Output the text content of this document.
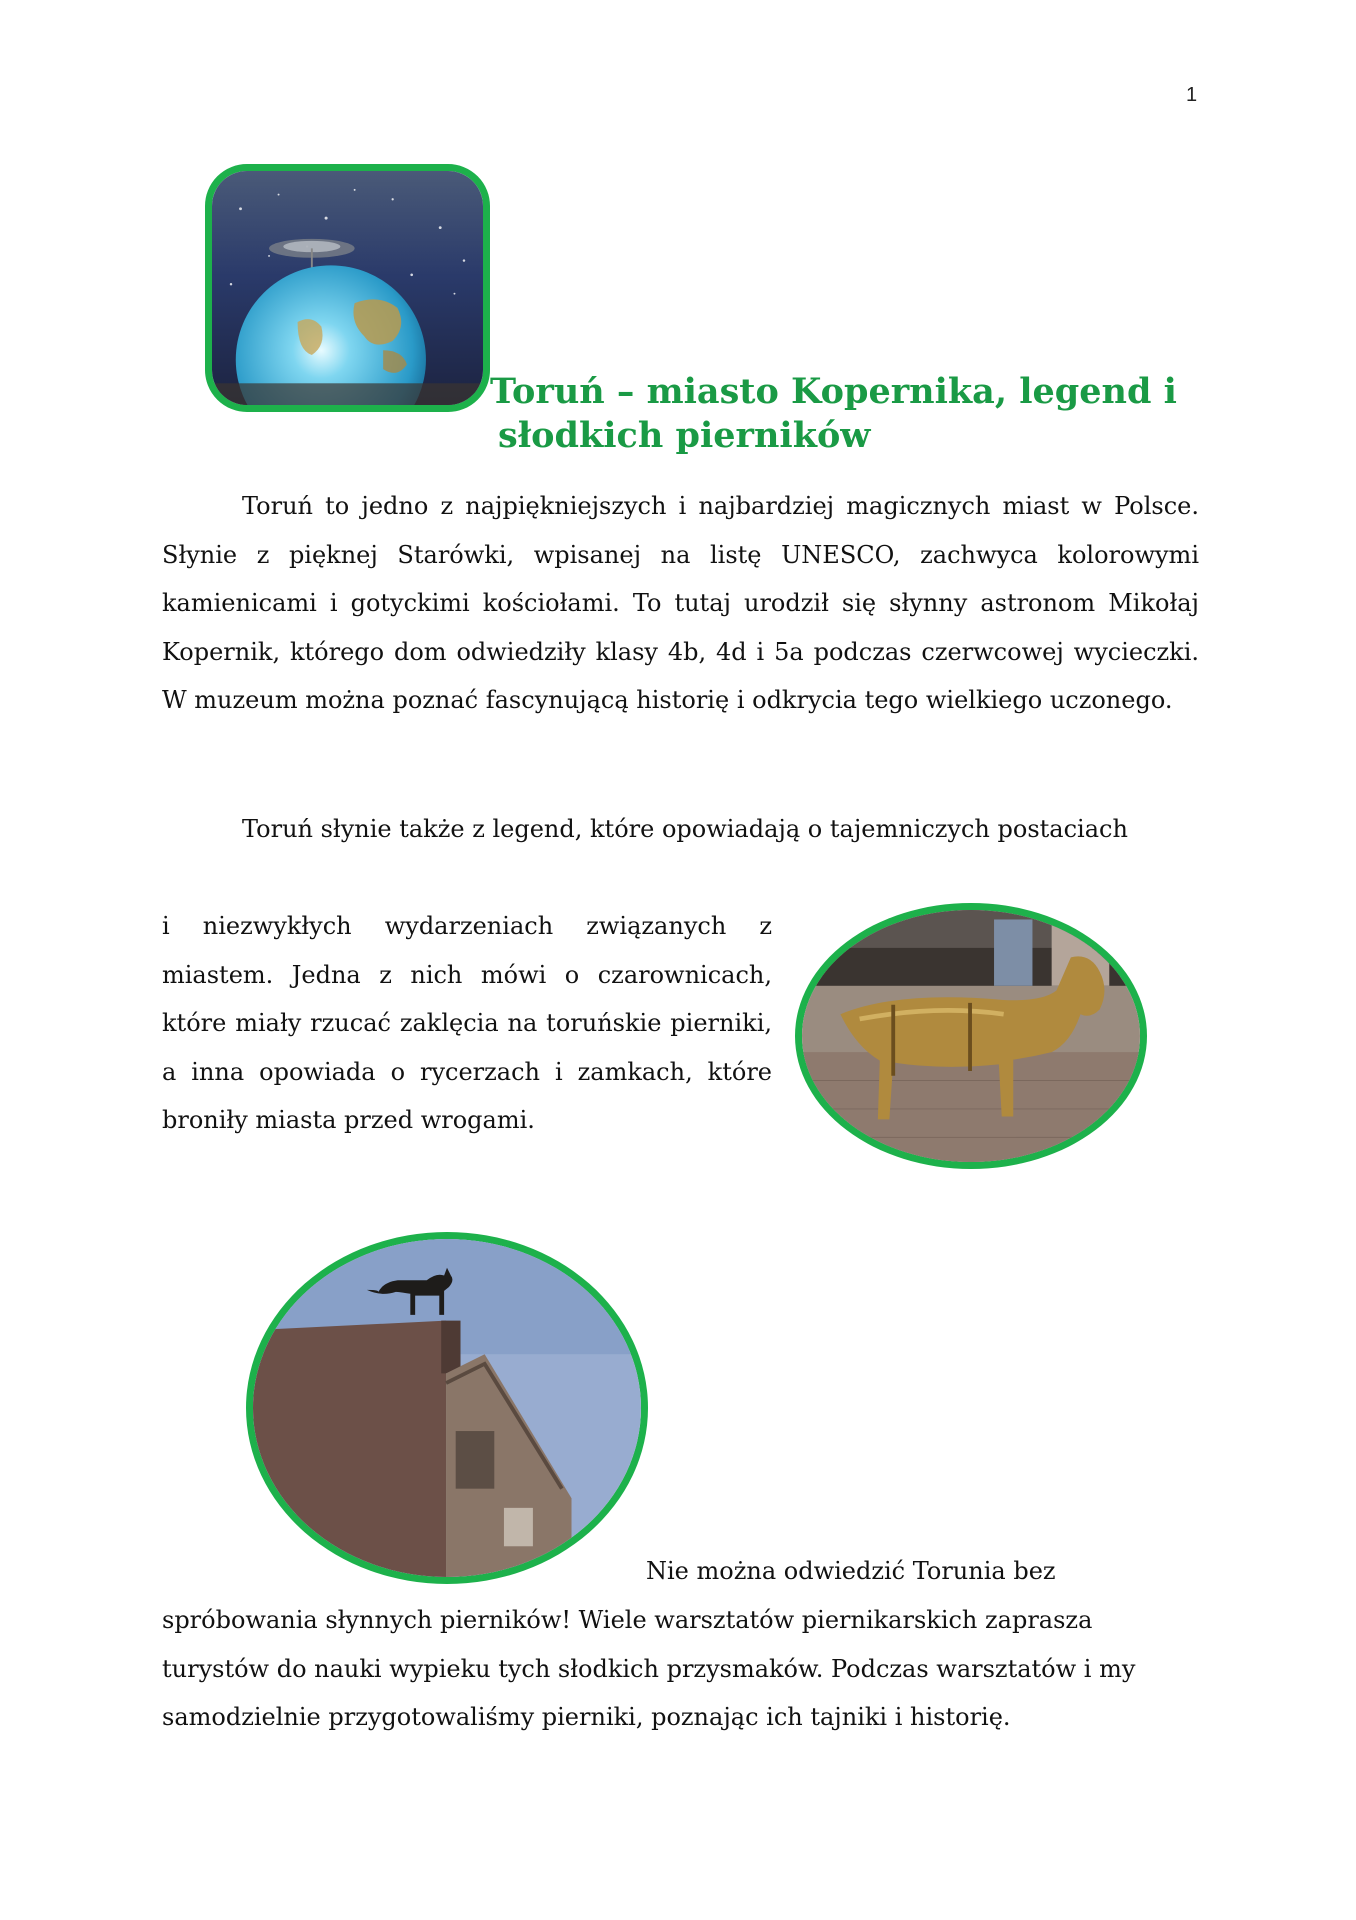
1
Toruń – miasto Kopernika, legend i
słodkich pierników

Toruń to jedno z najpiękniejszych i najbardziej magicznych miast w Polsce. Słynie z pięknej Starówki, wpisanej na listę UNESCO, zachwyca kolorowymi kamienicami i gotyckimi kościołami. To tutaj urodził się słynny astronom Mikołaj Kopernik, którego dom odwiedziły klasy 4b, 4d i 5a podczas czerwcowej wycieczki. W muzeum można poznać fascynującą historię i odkrycia tego wielkiego uczonego.

Toruń słynie także z legend, które opowiadają o tajemniczych postaciach

i niezwykłych wydarzeniach związanych z miastem. Jedna z nich mówi o czarownicach, które miały rzucać zaklęcia na toruńskie pierniki, a inna opowiada o rycerzach i zamkach, które broniły miasta przed wrogami.

Nie można odwiedzić Torunia bez

spróbowania słynnych pierników! Wiele warsztatów piernikarskich zaprasza turystów do nauki wypieku tych słodkich przysmaków. Podczas warsztatów i my samodzielnie przygotowaliśmy pierniki, poznając ich tajniki i historię.
